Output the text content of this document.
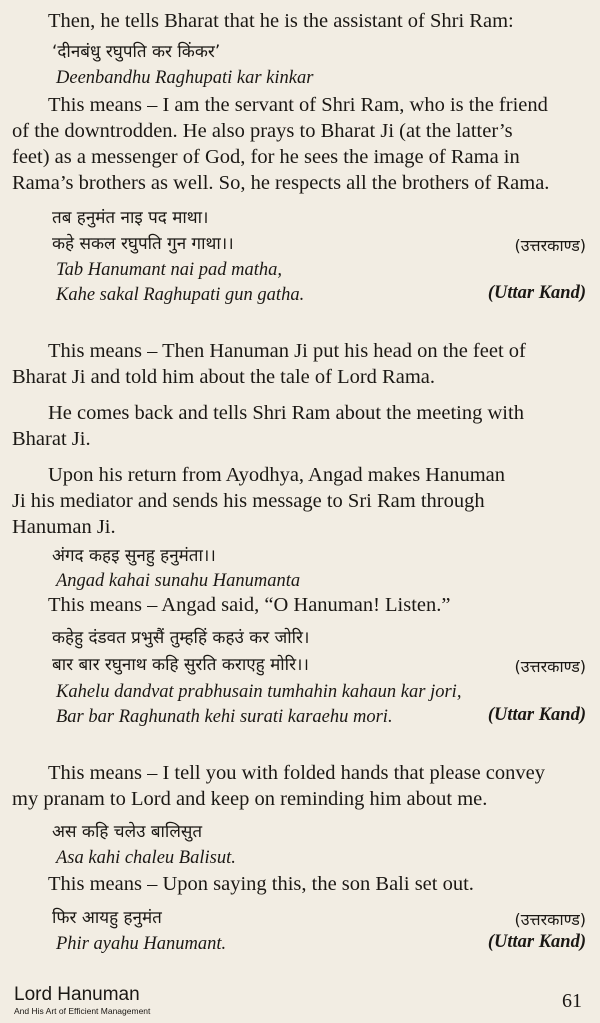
Then, he tells Bharat that he is the assistant of Shri Ram:
‘दीनबंधु रघुपति कर किंकर’
Deenbandhu Raghupati kar kinkar
This means – I am the servant of Shri Ram, who is the friend
of the downtrodden. He also prays to Bharat Ji (at the latter’s
feet) as a messenger of God, for he sees the image of Rama in
Rama’s brothers as well. So, he respects all the brothers of Rama.
तब हनुमंत नाइ पद माथा।
कहे सकल रघुपति गुन गाथा।।	(उत्तरकाण्ड)
Tab Hanumant nai pad matha,
Kahe sakal Raghupati gun gatha.	(Uttar Kand)
This means – Then Hanuman Ji put his head on the feet of
Bharat Ji and told him about the tale of Lord Rama.
He comes back and tells Shri Ram about the meeting with
Bharat Ji.
Upon his return from Ayodhya, Angad makes Hanuman
Ji his mediator and sends his message to Sri Ram through
Hanuman Ji.
अंगद कहइ सुनहु हनुमंता।।
Angad kahai sunahu Hanumanta
This means – Angad said, “O Hanuman! Listen.”
कहेहु दंडवत प्रभुसैं तुम्हहिं कहउं कर जोरि।
बार बार रघुनाथ कहि सुरति कराएहु मोरि।।	(उत्तरकाण्ड)
Kahelu dandvat prabhusain tumhahin kahaun kar jori,
Bar bar Raghunath kehi surati karaehu mori.	(Uttar Kand)
This means – I tell you with folded hands that please convey
my pranam to Lord and keep on reminding him about me.
अस कहि चलेउ बालिसुत
Asa kahi chaleu Balisut.
This means – Upon saying this, the son Bali set out.
फिर आयहु हनुमंत	(उत्तरकाण्ड)
Phir ayahu Hanumant.	(Uttar Kand)
Lord Hanuman
And His Art of Efficient Management	61
